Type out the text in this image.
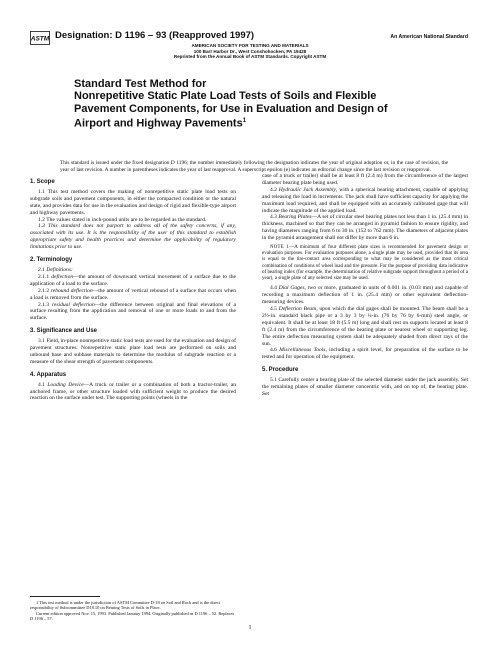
ASTM Designation: D 1196 – 93 (Reapproved 1997)	An American National Standard
AMERICAN SOCIETY FOR TESTING AND MATERIALS
100 Barr Harbor Dr., West Conshohocken, PA 19428
Reprinted from the Annual Book of ASTM Standards. Copyright ASTM
Standard Test Method for
Nonrepetitive Static Plate Load Tests of Soils and Flexible
Pavement Components, for Use in Evaluation and Design of
Airport and Highway Pavements$^1$
This standard is issued under the fixed designation D 1196; the number immediately following the designation indicates the year of original adoption or, in the case of revision, the year of last revision. A number in parentheses indicates the year of last reapproval. A superscript epsilon (e) indicates an editorial change since the last revision or reapproval.
1. Scope

1.1 This test method covers the making of nonrepetitive static plate load tests on subgrade soils and pavement components, in either the compacted condition or the natural state, and provides data for use in the evaluation and design of rigid and flexible-type airport and highway pavements.

1.2 The values stated in inch-pound units are to be regarded as the standard.

1.3 This standard does not purport to address all of the safety concerns, if any, associated with its use. It is the responsibility of the user of this standard to establish appropriate safety and health practices and determine the applicability of regulatory limitations prior to use.

2. Terminology

2.1 Definitions:

2.1.1 deflection—the amount of downward vertical movement of a surface due to the application of a load to the surface.

2.1.2 rebound deflection—the amount of vertical rebound of a surface that occurs when a load is removed from the surface.

2.1.3 residual deflection—the difference between original and final elevations of a surface resulting from the application and removal of one or more loads to and from the surface.

3. Significance and Use

3.1 Field, in-place nonrepetitive static load tests are used for the evaluation and design of pavement structures. Nonrepetitive static plate load tests are performed on soils and unbound base and subbase materials to determine the modulus of subgrade reaction or a measure of the shear strength of pavement components.

4. Apparatus

4.1 Loading Device—A truck or trailer or a combination of both a tractor-trailer, an anchored frame, or other structure loaded with sufficient weight to produce the desired reaction on the surface under test. The supporting points (wheels in the

1 This test method is under the jurisdiction of ASTM Committee D-18 on Soil and Rock and is the direct responsibility of Subcommittee D18.10 on Bearing Tests of Soils in Place.

Current edition approved Nov. 15, 1993. Published January 1994. Originally published as D 1196 – 52. Replaces D 1196 – 57.

case of a truck or trailer) shall be at least 8 ft (2.4 m) from the circumference of the largest diameter bearing plate being used.

4.2 Hydraulic Jack Assembly, with a spherical bearing attachment, capable of applying and releasing the load in increments. The jack shall have sufficient capacity for applying the maximum load required, and shall be equipped with an accurately calibrated gage that will indicate the magnitude of the applied load.

4.3 Bearing Plates—A set of circular steel bearing plates not less than 1 in. (25.4 mm) in thickness, machined so that they can be arranged in pyramid fashion to ensure rigidity, and having diameters ranging from 6 to 30 in. (152 to 762 mm). The diameters of adjacent plates in the pyramid arrangement shall not differ by more than 6 in.

NOTE 1—A minimum of four different plate sizes is recommended for pavement design or evaluation purposes. For evaluation purposes alone, a single plate may be used, provided that its area is equal to the tire-contact area corresponding to what may be considered as the most critical combination of conditions of wheel load and tire pressure. For the purpose of providing data indicative of bearing index (for example, the determination of relative subgrade support throughout a period of a year), a single plate of any selected size may be used.

4.4 Dial Gages, two or more, graduated in units of 0.001 in. (0.03 mm) and capable of recording a maximum deflection of 1 in. (25.4 mm) or other equivalent deflection-measuring devices.

4.5 Deflection Beam, upon which the dial gages shall be mounted. The beam shall be a 2½-in. standard black pipe or a 3 by 3 by ¼-in. (76 by 76 by 6-mm) steel angle, or equivalent. It shall be at least 18 ft (5.5 m) long and shall rest on supports located at least 8 ft (2.4 m) from the circumference of the bearing plate or nearest wheel or supporting leg. The entire deflection measuring system shall be adequately shaded from direct rays of the sun.

4.6 Miscellaneous Tools, including a spirit level, for preparation of the surface to be tested and for operation of the equipment.

5. Procedure

5.1 Carefully center a bearing plate of the selected diameter under the jack assembly. Set the remaining plates of smaller diameter concentric with, and on top of, the bearing plate. Set

1
